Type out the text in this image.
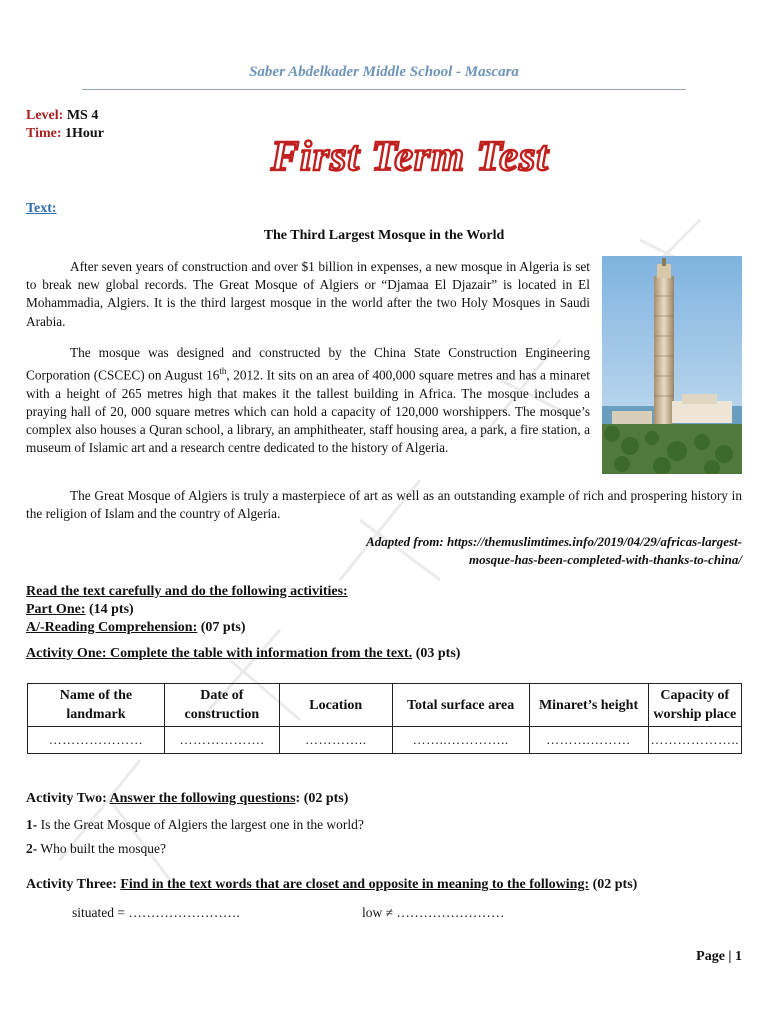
Saber Abdelkader Middle School - Mascara
Level: MS 4
Time: 1Hour
First Term Test
Text:
The Third Largest Mosque in the World
After seven years of construction and over $1 billion in expenses, a new mosque in Algeria is set to break new global records. The Great Mosque of Algiers or “Djamaa El Djazair” is located in El Mohammadia, Algiers. It is the third largest mosque in the world after the two Holy Mosques in Saudi Arabia.
The mosque was designed and constructed by the China State Construction Engineering Corporation (CSCEC) on August 16th, 2012. It sits on an area of 400,000 square metres and has a minaret with a height of 265 metres high that makes it the tallest building in Africa. The mosque includes a praying hall of 20, 000 square metres which can hold a capacity of 120,000 worshippers. The mosque’s complex also houses a Quran school, a library, an amphitheater, staff housing area, a park, a fire station, a museum of Islamic art and a research centre dedicated to the history of Algeria.
The Great Mosque of Algiers is truly a masterpiece of art as well as an outstanding example of rich and prospering history in the religion of Islam and the country of Algeria.
Adapted from: https://themuslimtimes.info/2019/04/29/africas-largest-
mosque-has-been-completed-with-thanks-to-china/
Read the text carefully and do the following activities:
Part One: (14 pts)
A/-Reading Comprehension: (07 pts)
Activity One: Complete the table with information from the text. (03 pts)
Name of the landmark	Date of construction	Location	Total surface area	Minaret’s height	Capacity of worship place
…………………	……………….	…………..	……..…………..	……….………	………………..
Activity Two: Answer the following questions: (02 pts)
1- Is the Great Mosque of Algiers the largest one in the world?
2- Who built the mosque?
Activity Three: Find in the text words that are closet and opposite in meaning to the following: (02 pts)
situated = …………………….	low ≠ ……………………
Page | 1
